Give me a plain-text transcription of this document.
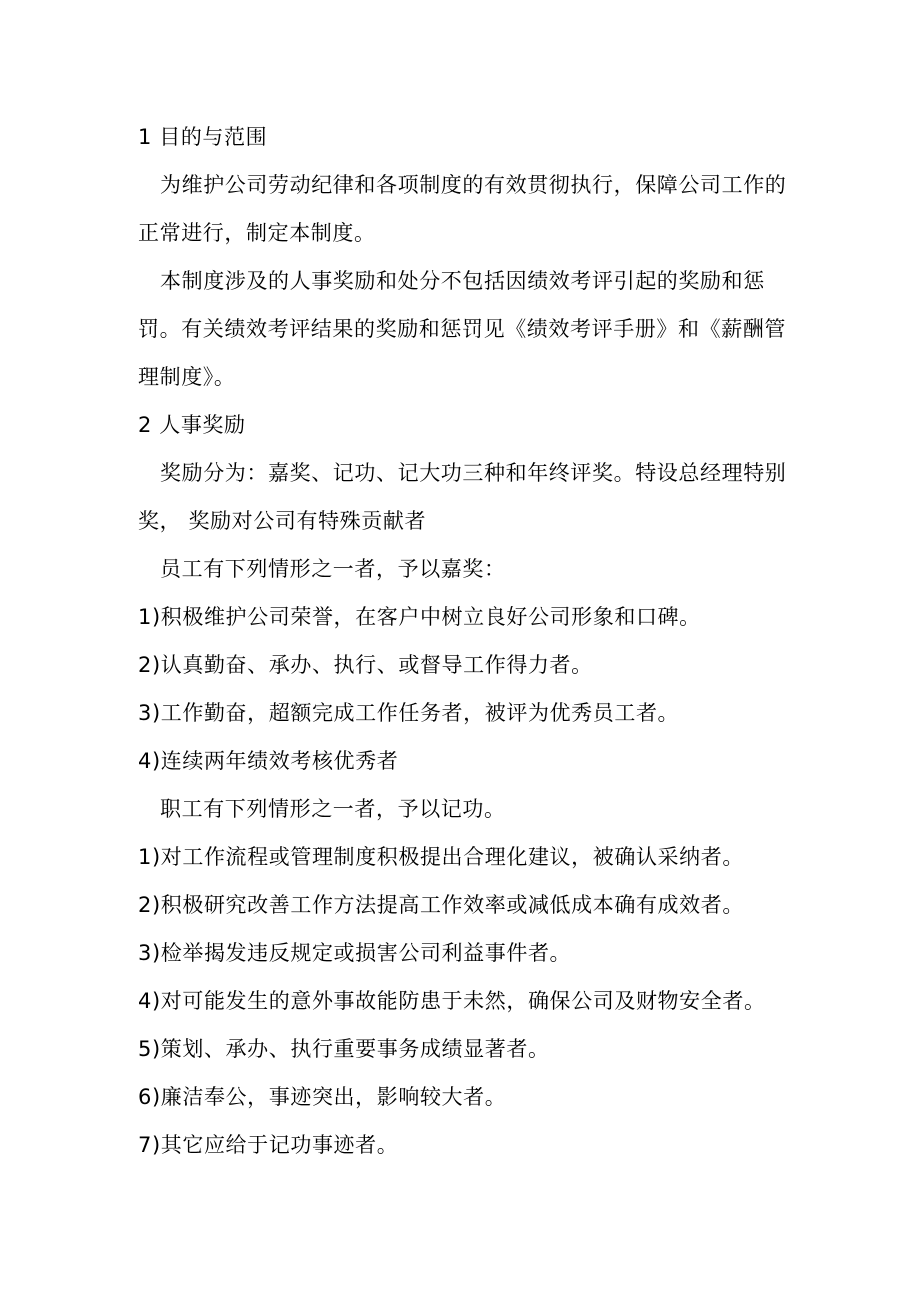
1 目的与范围
为维护公司劳动纪律和各项制度的有效贯彻执行，保障公司工作的
正常进行，制定本制度。
本制度涉及的人事奖励和处分不包括因绩效考评引起的奖励和惩
罚。有关绩效考评结果的奖励和惩罚见《绩效考评手册》和《薪酬管
理制度》。
2 人事奖励
奖励分为：嘉奖、记功、记大功三种和年终评奖。特设总经理特别
奖， 奖励对公司有特殊贡献者
员工有下列情形之一者，予以嘉奖：
1)积极维护公司荣誉，在客户中树立良好公司形象和口碑。
2)认真勤奋、承办、执行、或督导工作得力者。
3)工作勤奋，超额完成工作任务者，被评为优秀员工者。
4)连续两年绩效考核优秀者
职工有下列情形之一者，予以记功。
1)对工作流程或管理制度积极提出合理化建议，被确认采纳者。
2)积极研究改善工作方法提高工作效率或减低成本确有成效者。
3)检举揭发违反规定或损害公司利益事件者。
4)对可能发生的意外事故能防患于未然，确保公司及财物安全者。
5)策划、承办、执行重要事务成绩显著者。
6)廉洁奉公，事迹突出，影响较大者。
7)其它应给于记功事迹者。
